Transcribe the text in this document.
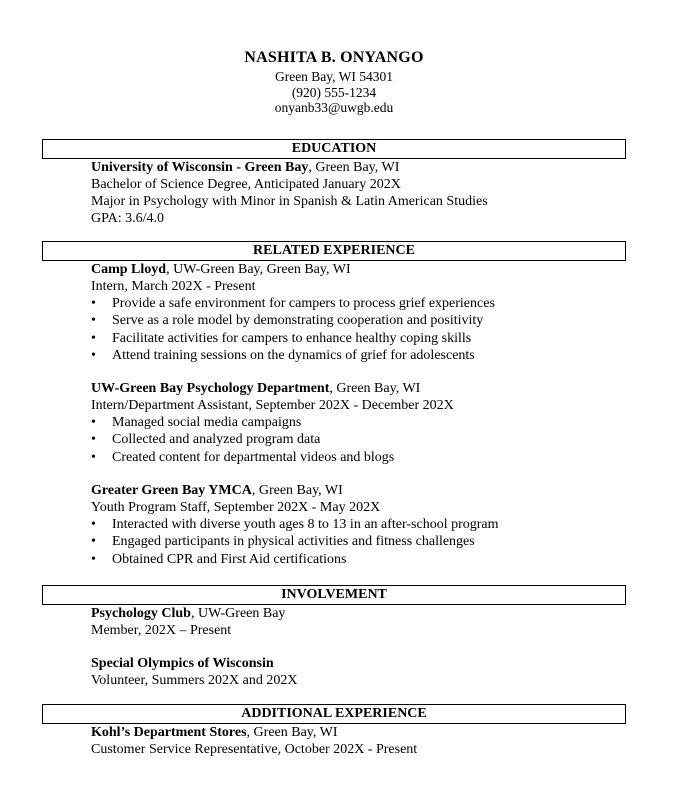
NASHITA B. ONYANGO
Green Bay, WI 54301
(920) 555-1234
onyanb33@uwgb.edu
EDUCATION
University of Wisconsin - Green Bay, Green Bay, WI
Bachelor of Science Degree, Anticipated January 202X
Major in Psychology with Minor in Spanish & Latin American Studies
GPA: 3.6/4.0
RELATED EXPERIENCE
Camp Lloyd, UW-Green Bay, Green Bay, WI
Intern, March 202X - Present
• Provide a safe environment for campers to process grief experiences
• Serve as a role model by demonstrating cooperation and positivity
• Facilitate activities for campers to enhance healthy coping skills
• Attend training sessions on the dynamics of grief for adolescents
UW-Green Bay Psychology Department, Green Bay, WI
Intern/Department Assistant, September 202X - December 202X
• Managed social media campaigns
• Collected and analyzed program data
• Created content for departmental videos and blogs
Greater Green Bay YMCA, Green Bay, WI
Youth Program Staff, September 202X - May 202X
• Interacted with diverse youth ages 8 to 13 in an after-school program
• Engaged participants in physical activities and fitness challenges
• Obtained CPR and First Aid certifications
INVOLVEMENT
Psychology Club, UW-Green Bay
Member, 202X – Present
Special Olympics of Wisconsin
Volunteer, Summers 202X and 202X
ADDITIONAL EXPERIENCE
Kohl’s Department Stores, Green Bay, WI
Customer Service Representative, October 202X - Present
